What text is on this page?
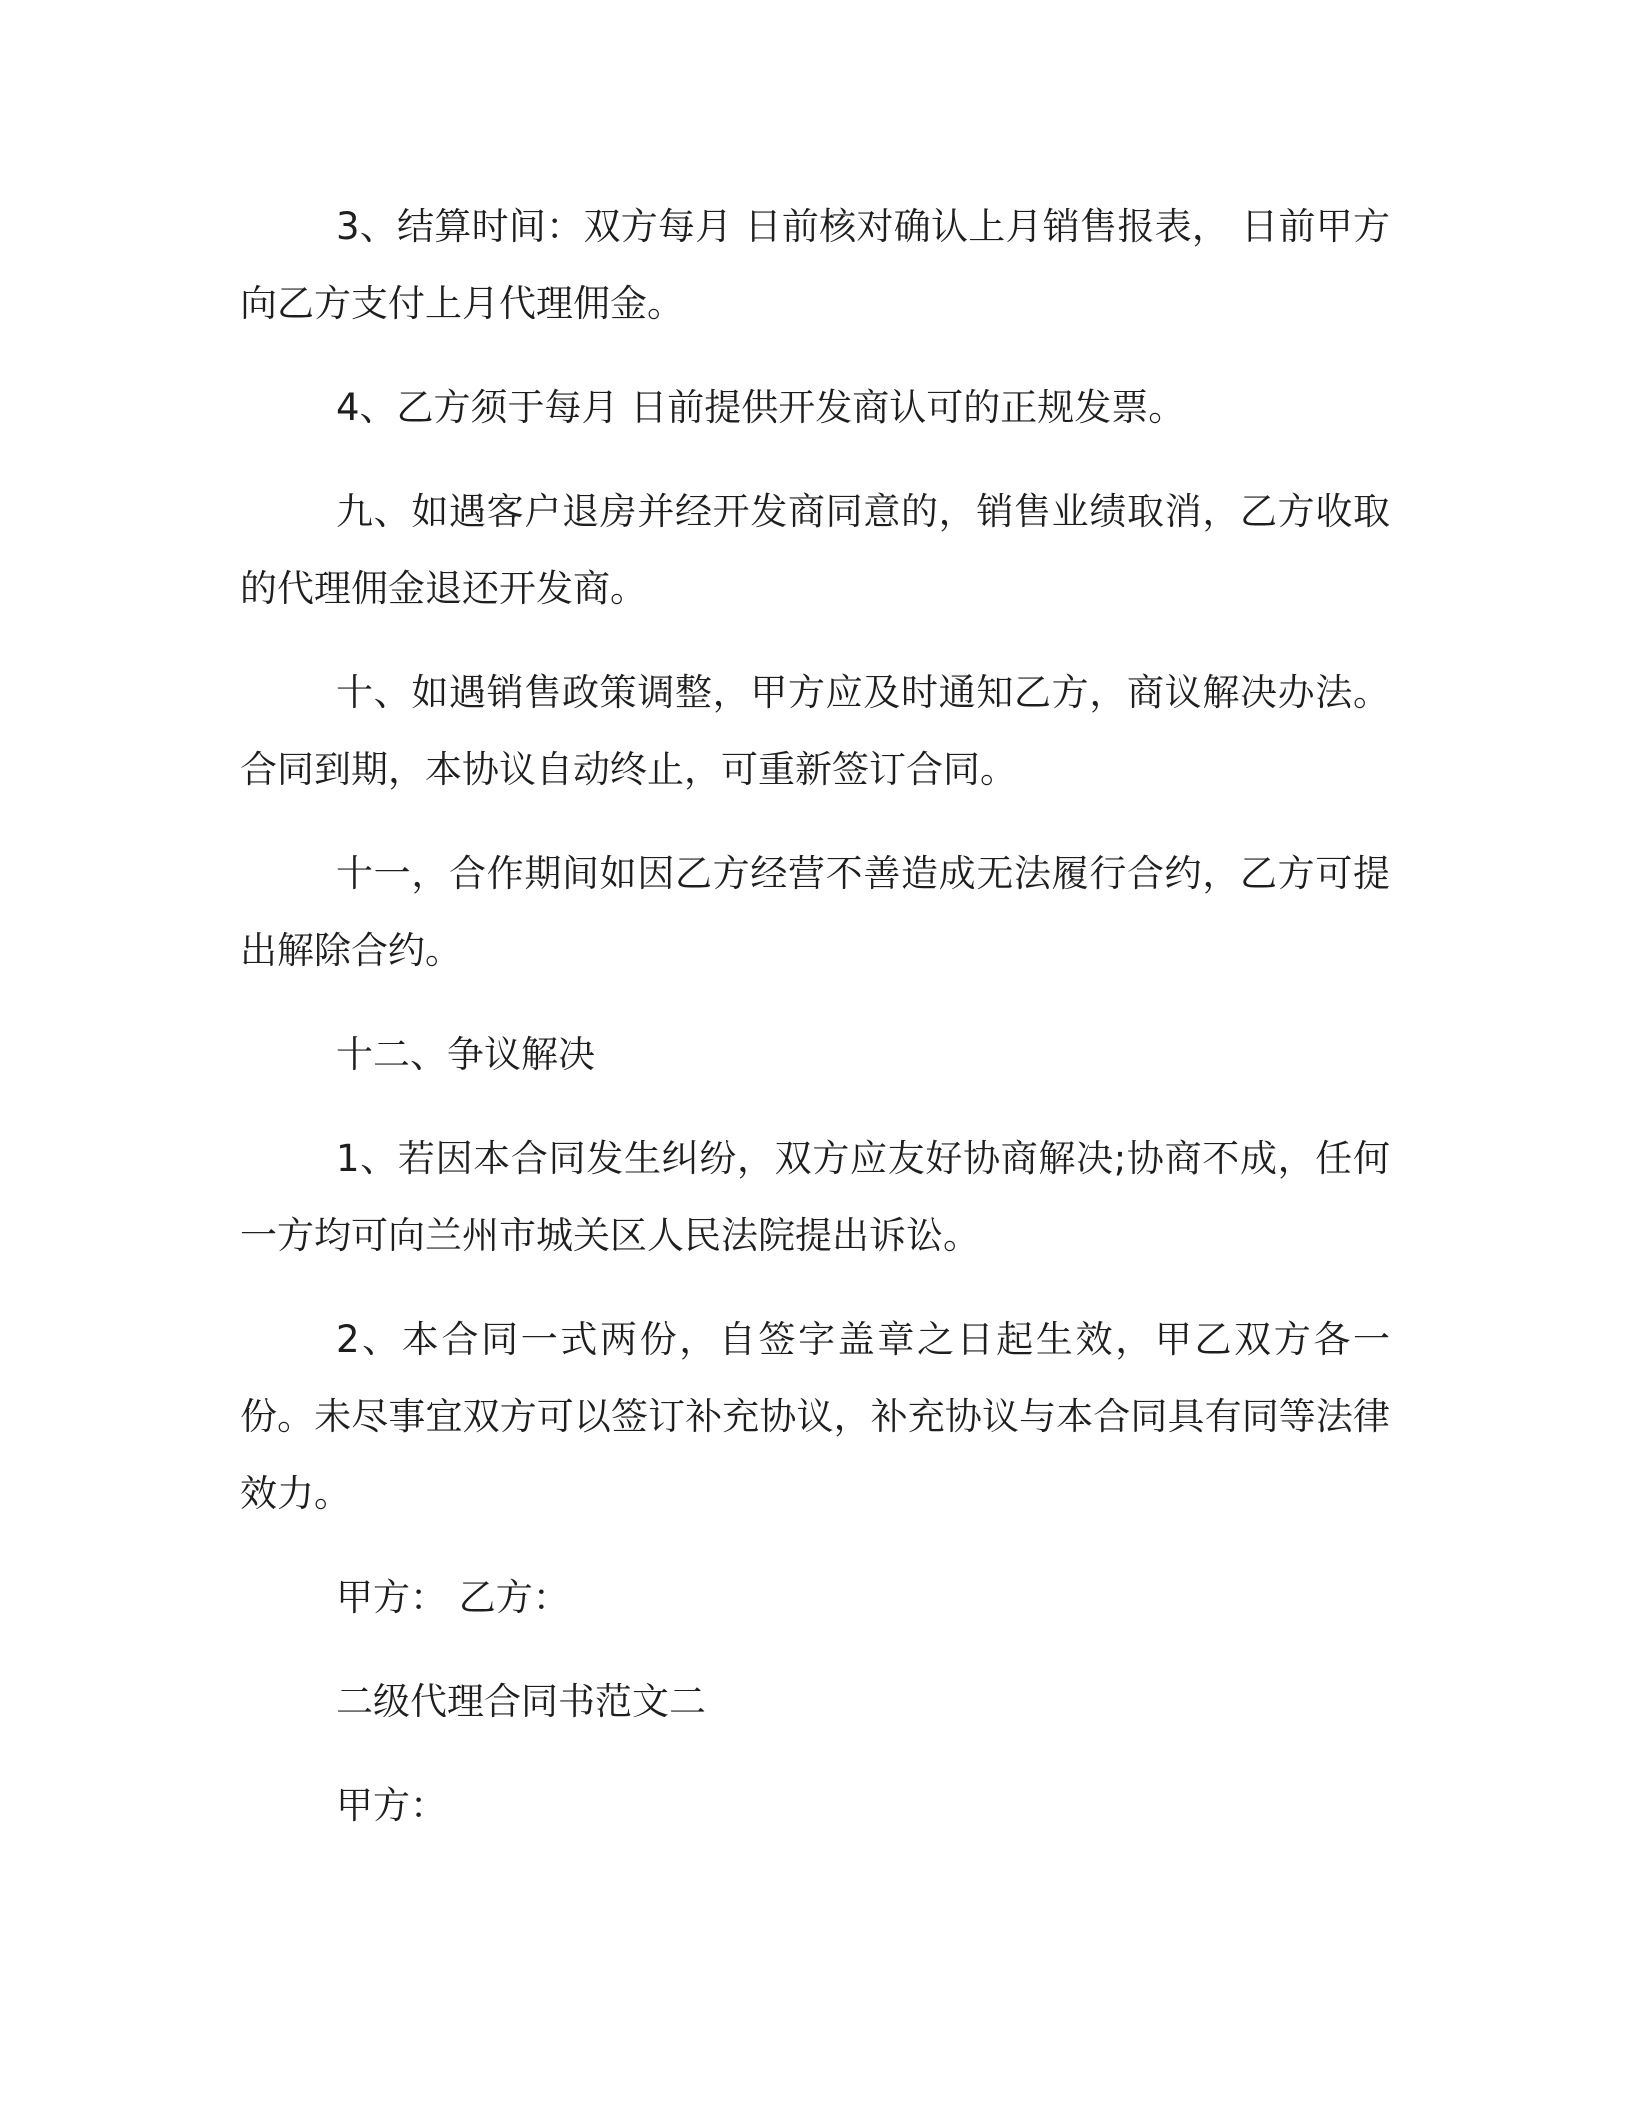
3、结算时间：双方每月 日前核对确认上月销售报表， 日前甲方向乙方支付上月代理佣金。

4、乙方须于每月 日前提供开发商认可的正规发票。

九、如遇客户退房并经开发商同意的，销售业绩取消，乙方收取的代理佣金退还开发商。

十、如遇销售政策调整，甲方应及时通知乙方，商议解决办法。合同到期，本协议自动终止，可重新签订合同。

十一，合作期间如因乙方经营不善造成无法履行合约，乙方可提出解除合约。

十二、争议解决

1、若因本合同发生纠纷，双方应友好协商解决;协商不成，任何一方均可向兰州市城关区人民法院提出诉讼。

2、本合同一式两份，自签字盖章之日起生效，甲乙双方各一份。未尽事宜双方可以签订补充协议，补充协议与本合同具有同等法律效力。

甲方： 乙方：

二级代理合同书范文二

甲方：
